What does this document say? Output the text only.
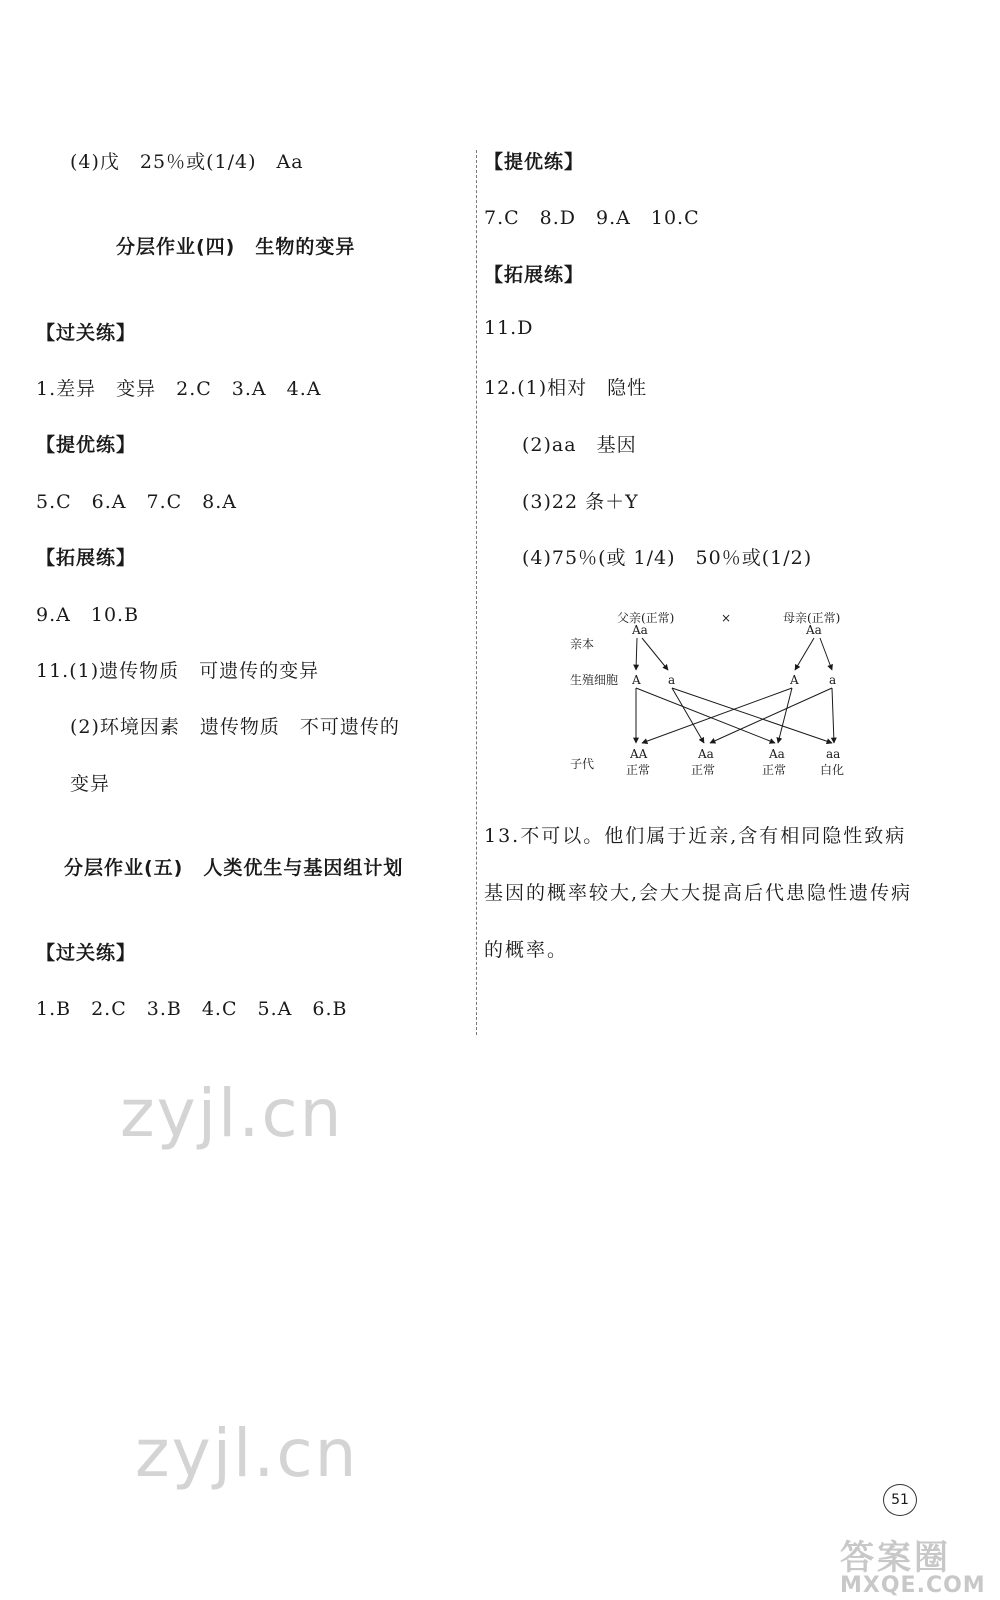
(4)戊　25％或(1/4)　Aa
分层作业(四)　生物的变异
【过关练】
1.差异　变异　2.C　3.A　4.A
【提优练】
5.C　6.A　7.C　8.A
【拓展练】
9.A　10.B
11.(1)遗传物质　可遗传的变异
(2)环境因素　遗传物质　不可遗传的
变异
分层作业(五)　人类优生与基因组计划
【过关练】
1.B　2.C　3.B　4.C　5.A　6.B
【提优练】
7.C　8.D　9.A　10.C
【拓展练】
11.D
12.(1)相对　隐性
(2)aa　基因
(3)22 条＋Y
(4)75％(或 1/4)　50％或(1/2)
父亲(正常)	×	母亲(正常)
亲本
Aa	Aa
生殖细胞 A a	A	a
子代
AA
正常
Aa
正常
Aa
正常
aa
白化
13.不可以。他们属于近亲,含有相同隐性致病基因的概率较大,会大大提高后代患隐性遗传病的概率。
zyjl.cn
zyjl.cn
51
答案圈
MXQE.COM
